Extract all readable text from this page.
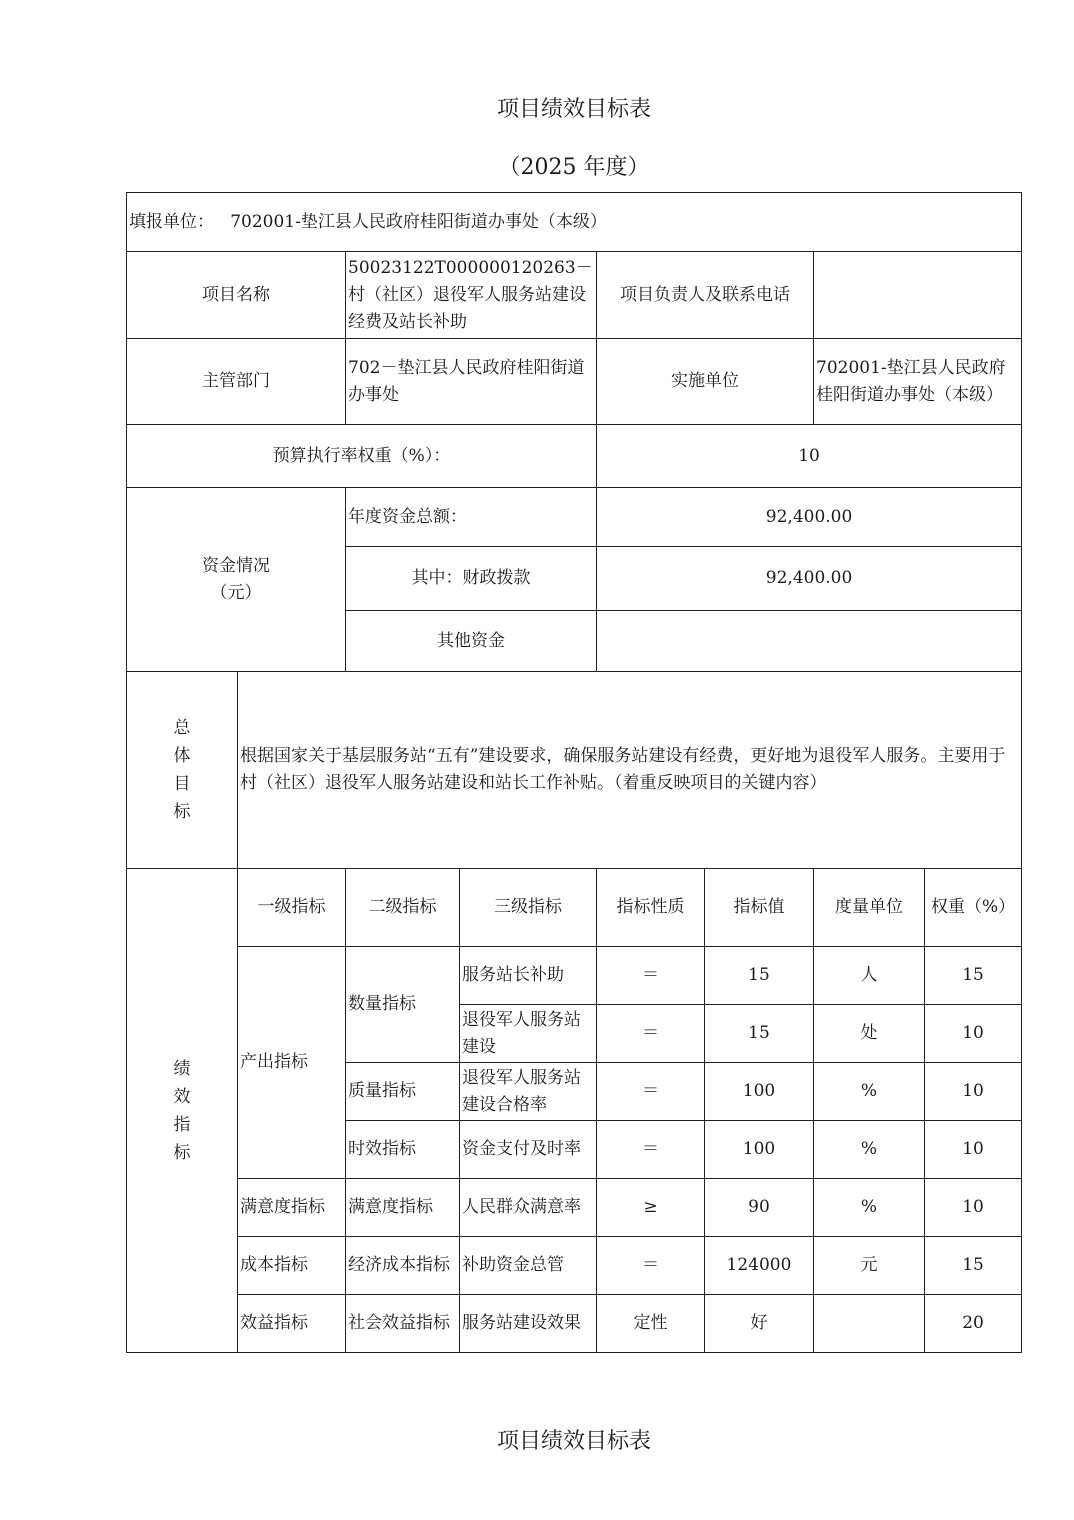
项目绩效目标表
（2025 年度）
填报单位： 702001-垫江县人民政府桂阳街道办事处（本级）							
项目名称		50023122T000000120263－村（社区）退役军人服务站建设经费及站长补助		项目负责人及联系电话			
主管部门		702－垫江县人民政府桂阳街道办事处		实施单位		702001-垫江县人民政府桂阳街道办事处（本级）	
预算执行率权重（%）：				10			
资金情况
（元）		年度资金总额：		92,400.00			
		其中：财政拨款		92,400.00			
		其他资金					

总
体
目
标	根据国家关于基层服务站“五有”建设要求，确保服务站建设有经费，更好地为退役军人服务。主要用于村（社区）退役军人服务站建设和站长工作补贴。（着重反映项目的关键内容）						

绩
效
指
标	一级指标	二级指标	三级指标	指标性质	指标值	度量单位	权重（%）
	产出指标	数量指标	服务站长补助	＝	15	人	15
			退役军人服务站建设	＝	15	处	10
		质量指标	退役军人服务站建设合格率	＝	100	%	10
		时效指标	资金支付及时率	＝	100	%	10
	满意度指标	满意度指标	人民群众满意率	≥	90	%	10
	成本指标	经济成本指标	补助资金总管	＝	124000	元	15
	效益指标	社会效益指标	服务站建设效果	定性	好		20
项目绩效目标表
